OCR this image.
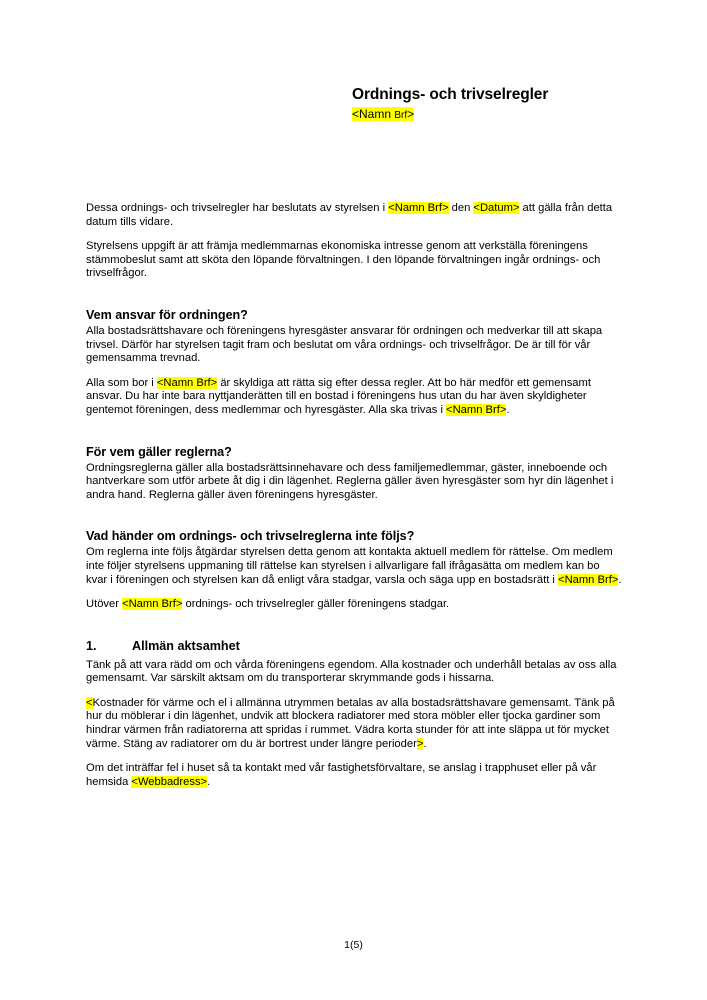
Ordnings- och trivselregler
<Namn Brf>

Dessa ordnings- och trivselregler har beslutats av styrelsen i <Namn Brf> den <Datum> att gälla från detta datum tills vidare.

Styrelsens uppgift är att främja medlemmarnas ekonomiska intresse genom att verkställa föreningens stämmobeslut samt att sköta den löpande förvaltningen. I den löpande förvaltningen ingår ordnings- och trivselfrågor.

Vem ansvar för ordningen?

Alla bostadsrättshavare och föreningens hyresgäster ansvarar för ordningen och medverkar till att skapa trivsel. Därför har styrelsen tagit fram och beslutat om våra ordnings- och trivselfrågor. De är till för vår gemensamma trevnad.

Alla som bor i <Namn Brf> är skyldiga att rätta sig efter dessa regler. Att bo här medför ett gemensamt ansvar. Du har inte bara nyttjanderätten till en bostad i föreningens hus utan du har även skyldigheter gentemot föreningen, dess medlemmar och hyresgäster. Alla ska trivas i <Namn Brf>.

För vem gäller reglerna?

Ordningsreglerna gäller alla bostadsrättsinnehavare och dess familjemedlemmar, gäster, inneboende och hantverkare som utför arbete åt dig i din lägenhet. Reglerna gäller även hyresgäster som hyr din lägenhet i andra hand. Reglerna gäller även föreningens hyresgäster.

Vad händer om ordnings- och trivselreglerna inte följs?

Om reglerna inte följs åtgärdar styrelsen detta genom att kontakta aktuell medlem för rättelse. Om medlem inte följer styrelsens uppmaning till rättelse kan styrelsen i allvarligare fall ifrågasätta om medlem kan bo kvar i föreningen och styrelsen kan då enligt våra stadgar, varsla och säga upp en bostadsrätt i <Namn Brf>.

Utöver <Namn Brf> ordnings- och trivselregler gäller föreningens stadgar.

1.	Allmän aktsamhet

Tänk på att vara rädd om och vårda föreningens egendom. Alla kostnader och underhåll betalas av oss alla gemensamt. Var särskilt aktsam om du transporterar skrymmande gods i hissarna.

<Kostnader för värme och el i allmänna utrymmen betalas av alla bostadsrättshavare gemensamt. Tänk på hur du möblerar i din lägenhet, undvik att blockera radiatorer med stora möbler eller tjocka gardiner som hindrar värmen från radiatorerna att spridas i rummet. Vädra korta stunder för att inte släppa ut för mycket värme. Stäng av radiatorer om du är bortrest under längre perioder>.

Om det inträffar fel i huset så ta kontakt med vår fastighetsförvaltare, se anslag i trapphuset eller på vår hemsida <Webbadress>.

1(5)
